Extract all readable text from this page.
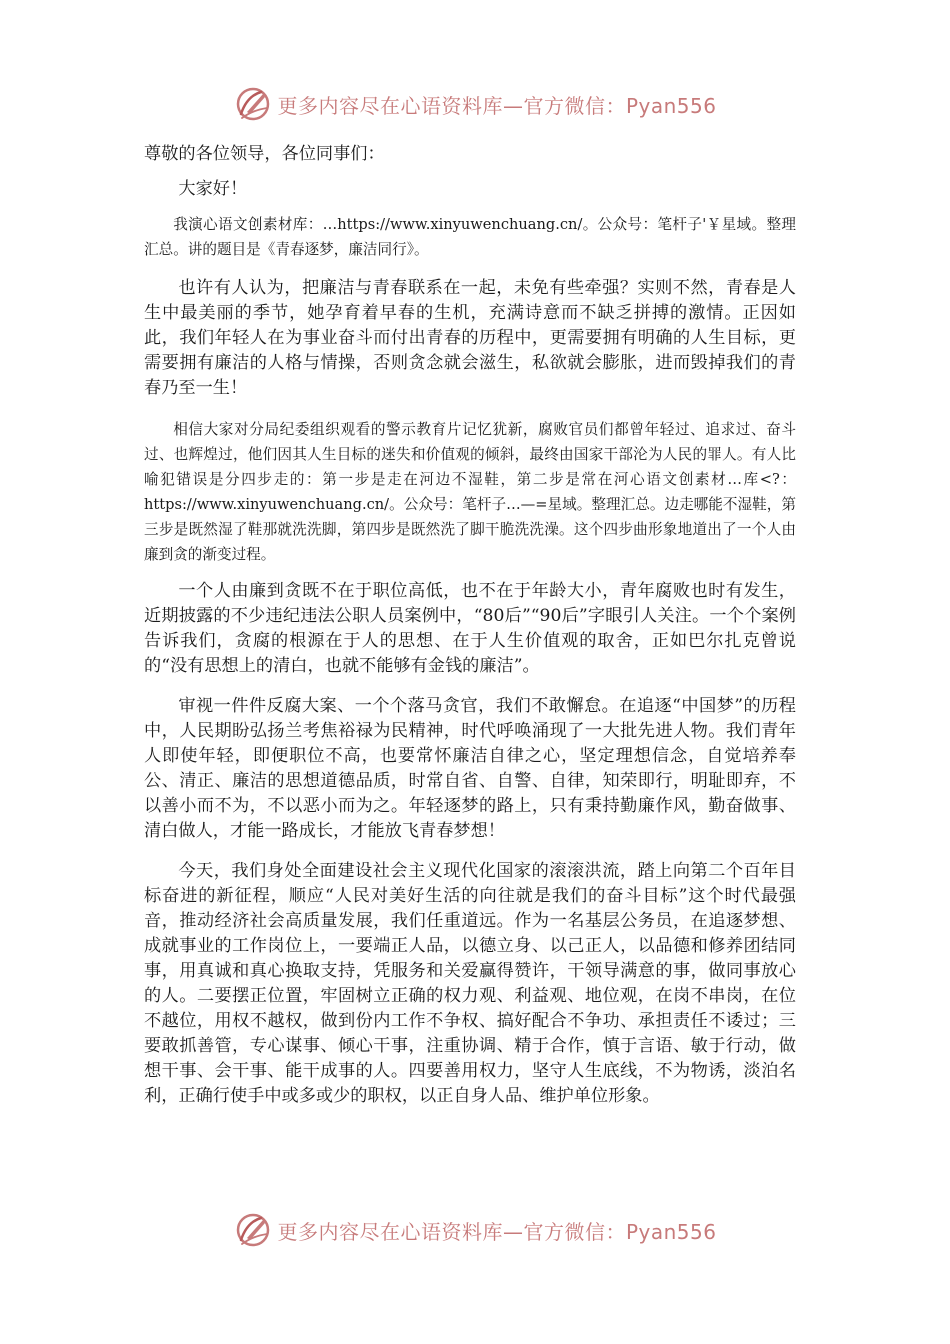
更多内容尽在心语资料库—官方微信：Pyan556

尊敬的各位领导，各位同事们：

大家好！

我演心语文创素材库：…https://www.xinyuwenchuang.cn/。公众号：笔杆子'￥星域。整理汇总。讲的题目是《青春逐梦，廉洁同行》。

也许有人认为，把廉洁与青春联系在一起，未免有些牵强？实则不然，青春是人生中最美丽的季节，她孕育着早春的生机，充满诗意而不缺乏拼搏的激情。正因如此，我们年轻人在为事业奋斗而付出青春的历程中，更需要拥有明确的人生目标，更需要拥有廉洁的人格与情操，否则贪念就会滋生，私欲就会膨胀，进而毁掉我们的青春乃至一生！

相信大家对分局纪委组织观看的警示教育片记忆犹新，腐败官员们都曾年轻过、追求过、奋斗过、也辉煌过，他们因其人生目标的迷失和价值观的倾斜，最终由国家干部沦为人民的罪人。有人比喻犯错误是分四步走的：第一步是走在河边不湿鞋，第二步是常在河心语文创素材…库<?：https://www.xinyuwenchuang.cn/。公众号：笔杆子…—=星域。整理汇总。边走哪能不湿鞋，第三步是既然湿了鞋那就洗洗脚，第四步是既然洗了脚干脆洗洗澡。这个四步曲形象地道出了一个人由廉到贪的渐变过程。

一个人由廉到贪既不在于职位高低，也不在于年龄大小，青年腐败也时有发生，近期披露的不少违纪违法公职人员案例中，“80后”“90后”字眼引人关注。一个个案例告诉我们，贪腐的根源在于人的思想、在于人生价值观的取舍，正如巴尔扎克曾说的“没有思想上的清白，也就不能够有金钱的廉洁”。

审视一件件反腐大案、一个个落马贪官，我们不敢懈怠。在追逐“中国梦”的历程中，人民期盼弘扬兰考焦裕禄为民精神，时代呼唤涌现了一大批先进人物。我们青年人即使年轻，即便职位不高，也要常怀廉洁自律之心，坚定理想信念，自觉培养奉公、清正、廉洁的思想道德品质，时常自省、自警、自律，知荣即行，明耻即弃，不以善小而不为，不以恶小而为之。年轻逐梦的路上，只有秉持勤廉作风，勤奋做事、清白做人，才能一路成长，才能放飞青春梦想！

今天，我们身处全面建设社会主义现代化国家的滚滚洪流，踏上向第二个百年目标奋进的新征程，顺应“人民对美好生活的向往就是我们的奋斗目标”这个时代最强音，推动经济社会高质量发展，我们任重道远。作为一名基层公务员，在追逐梦想、成就事业的工作岗位上，一要端正人品，以德立身、以己正人，以品德和修养团结同事，用真诚和真心换取支持，凭服务和关爱赢得赞许，干领导满意的事，做同事放心的人。二要摆正位置，牢固树立正确的权力观、利益观、地位观，在岗不串岗，在位不越位，用权不越权，做到份内工作不争权、搞好配合不争功、承担责任不诿过；三要敢抓善管，专心谋事、倾心干事，注重协调、精于合作，慎于言语、敏于行动，做想干事、会干事、能干成事的人。四要善用权力，坚守人生底线，不为物诱，淡泊名利，正确行使手中或多或少的职权，以正自身人品、维护单位形象。

更多内容尽在心语资料库—官方微信：Pyan556
